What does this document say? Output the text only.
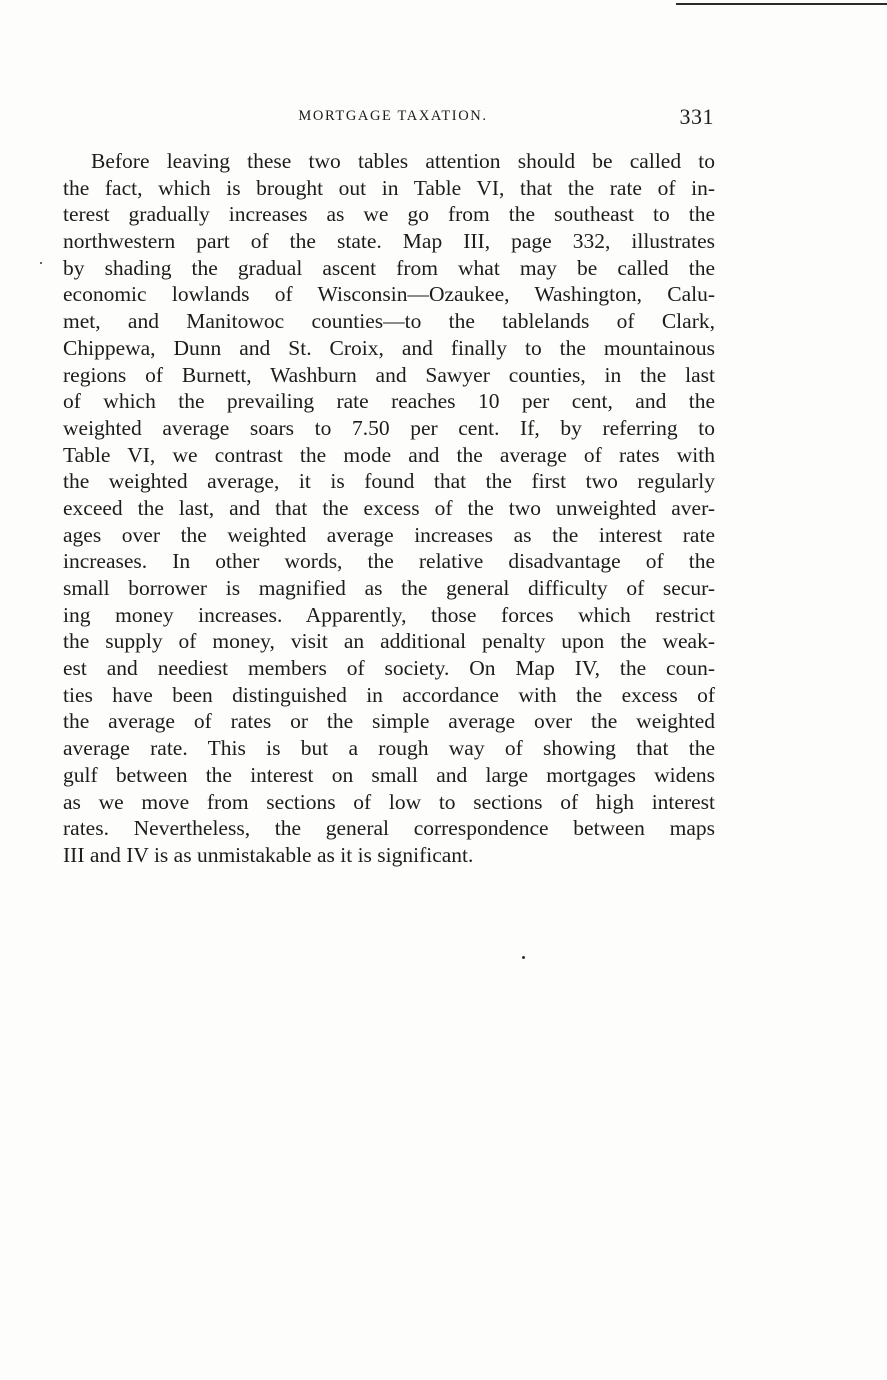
MORTGAGE TAXATION.	331
Before leaving these two tables attention should be called to
the fact, which is brought out in Table VI, that the rate of in-
terest gradually increases as we go from the southeast to the
northwestern part of the state. Map III, page 332, illustrates
by shading the gradual ascent from what may be called the
economic lowlands of Wisconsin—Ozaukee, Washington, Calu-
met, and Manitowoc counties—to the tablelands of Clark,
Chippewa, Dunn and St. Croix, and finally to the mountainous
regions of Burnett, Washburn and Sawyer counties, in the last
of which the prevailing rate reaches 10 per cent, and the
weighted average soars to 7.50 per cent. If, by referring to
Table VI, we contrast the mode and the average of rates with
the weighted average, it is found that the first two regularly
exceed the last, and that the excess of the two unweighted aver-
ages over the weighted average increases as the interest rate
increases. In other words, the relative disadvantage of the
small borrower is magnified as the general difficulty of secur-
ing money increases. Apparently, those forces which restrict
the supply of money, visit an additional penalty upon the weak-
est and neediest members of society. On Map IV, the coun-
ties have been distinguished in accordance with the excess of
the average of rates or the simple average over the weighted
average rate. This is but a rough way of showing that the
gulf between the interest on small and large mortgages widens
as we move from sections of low to sections of high interest
rates. Nevertheless, the general correspondence between maps
III and IV is as unmistakable as it is significant.
